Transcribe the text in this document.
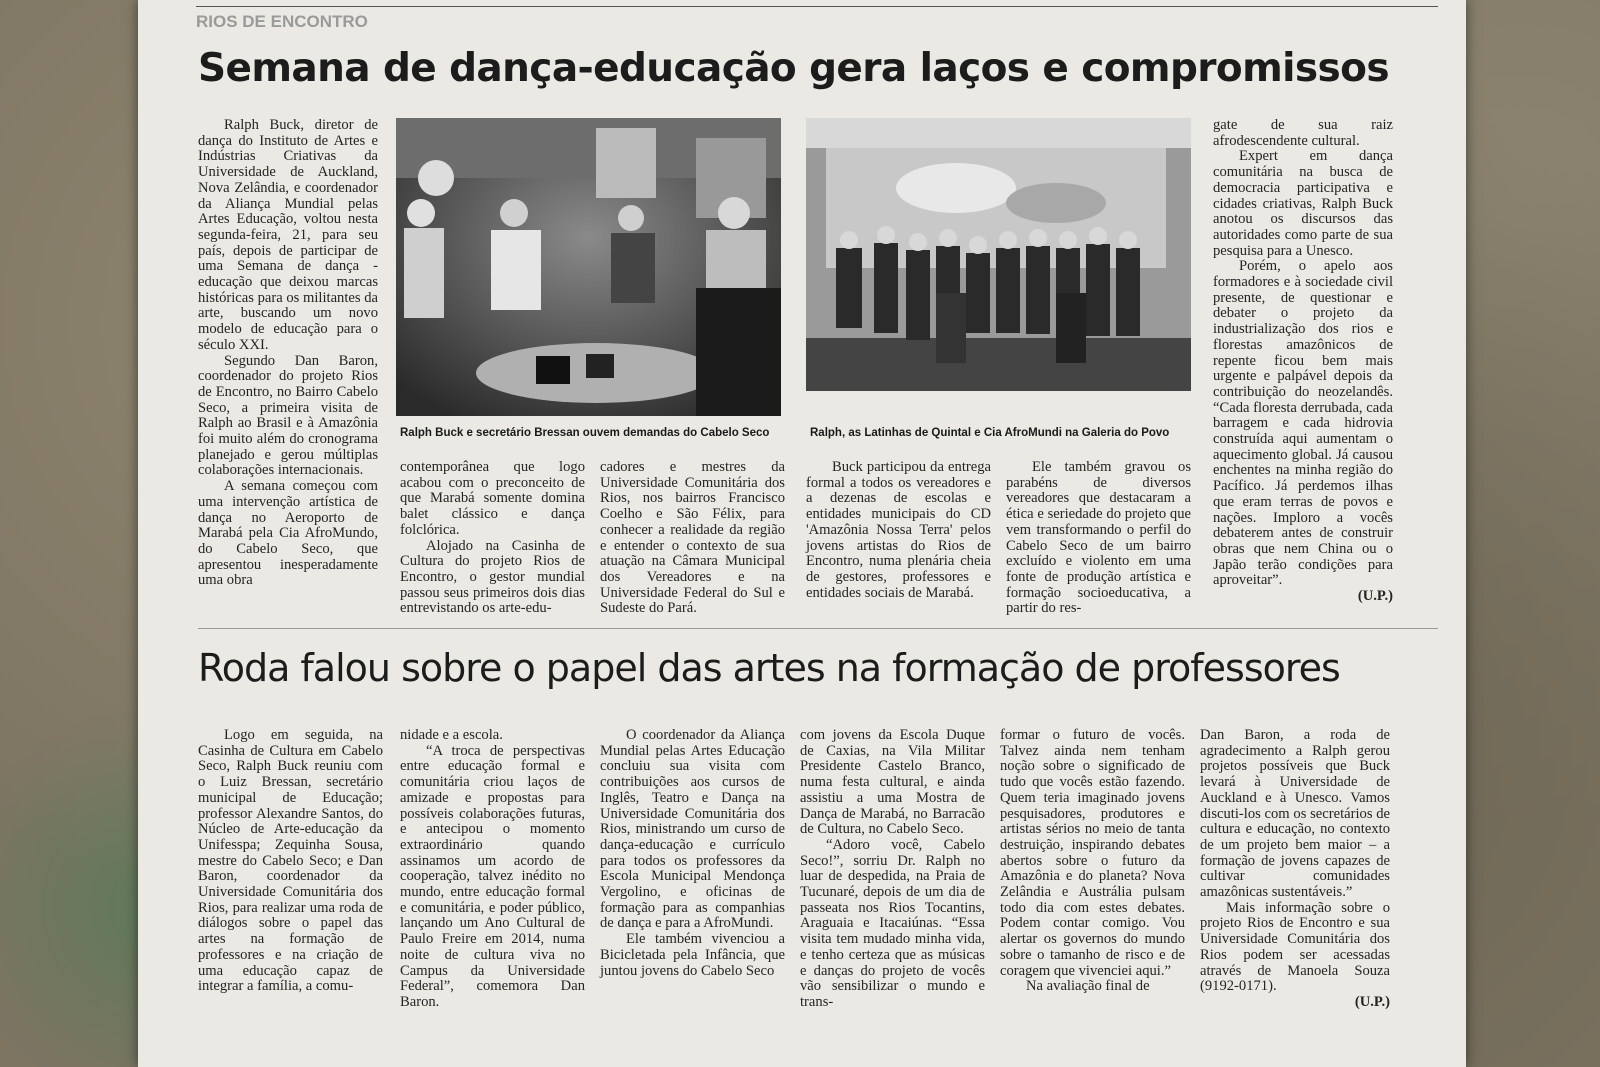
RIOS DE ENCONTRO
Semana de dança-educação gera laços e compromissos

Ralph Buck, diretor de dança do Instituto de Artes e Indústrias Criativas da Universidade de Auckland, Nova Zelândia, e coordenador da Aliança Mundial pelas Artes Educação, voltou nesta segunda-feira, 21, para seu país, depois de participar de uma Semana de dança - educação que deixou marcas históricas para os militantes da arte, buscando um novo modelo de educação para o século XXI.

Segundo Dan Baron, coordenador do projeto Rios de Encontro, no Bairro Cabelo Seco, a primeira visita de Ralph ao Brasil e à Amazônia foi muito além do cronograma planejado e gerou múltiplas colaborações internacionais.

A semana começou com uma intervenção artística de dança no Aeroporto de Marabá pela Cia AfroMundo, do Cabelo Seco, que apresentou inesperadamente uma obra

Ralph Buck e secretário Bressan ouvem demandas do Cabelo Seco	Ralph, as Latinhas de Quintal e Cia AfroMundi na Galeria do Povo

gate de sua raiz afrodescendente cultural.

Expert em dança comunitária na busca de democracia participativa e cidades criativas, Ralph Buck anotou os discursos das autoridades como parte de sua pesquisa para a Unesco.

Porém, o apelo aos formadores e à sociedade civil presente, de questionar e debater o projeto da industrialização dos rios e florestas amazônicos de repente ficou bem mais urgente e palpável depois da contribuição do neozelandês. “Cada floresta derrubada, cada barragem e cada hidrovia construída aqui aumentam o aquecimento global. Já causou enchentes na minha região do Pacífico. Já perdemos ilhas que eram terras de povos e nações. Imploro a vocês debaterem antes de construir obras que nem China ou o Japão terão condições para aproveitar”.

(U.P.)

contemporânea que logo acabou com o preconceito de que Marabá somente domina balet clássico e dança folclórica.

Alojado na Casinha de Cultura do projeto Rios de Encontro, o gestor mundial passou seus primeiros dois dias entrevistando os arte-edu-

cadores e mestres da Universidade Comunitária dos Rios, nos bairros Francisco Coelho e São Félix, para conhecer a realidade da região e entender o contexto de sua atuação na Câmara Municipal dos Vereadores e na Universidade Federal do Sul e Sudeste do Pará.

Buck participou da entrega formal a todos os vereadores e a dezenas de escolas e entidades municipais do CD 'Amazônia Nossa Terra' pelos jovens artistas do Rios de Encontro, numa plenária cheia de gestores, professores e entidades sociais de Marabá.

Ele também gravou os parabéns de diversos vereadores que destacaram a ética e seriedade do projeto que vem transformando o perfil do Cabelo Seco de um bairro excluído e violento em uma fonte de produção artística e formação socioeducativa, a partir do res-

Roda falou sobre o papel das artes na formação de professores

Logo em seguida, na Casinha de Cultura em Cabelo Seco, Ralph Buck reuniu com o Luiz Bressan, secretário municipal de Educação; professor Alexandre Santos, do Núcleo de Arte-educação da Unifesspa; Zequinha Sousa, mestre do Cabelo Seco; e Dan Baron, coordenador da Universidade Comunitária dos Rios, para realizar uma roda de diálogos sobre o papel das artes na formação de professores e na criação de uma educação capaz de integrar a família, a comu-

nidade e a escola.

“A troca de perspectivas entre educação formal e comunitária criou laços de amizade e propostas para possíveis colaborações futuras, e antecipou o momento extraordinário quando assinamos um acordo de cooperação, talvez inédito no mundo, entre educação formal e comunitária, e poder público, lançando um Ano Cultural de Paulo Freire em 2014, numa noite de cultura viva no Campus da Universidade Federal”, comemora Dan Baron.

O coordenador da Aliança Mundial pelas Artes Educação concluiu sua visita com contribuições aos cursos de Inglês, Teatro e Dança na Universidade Comunitária dos Rios, ministrando um curso de dança-educação e currículo para todos os professores da Escola Municipal Mendonça Vergolino, e oficinas de formação para as companhias de dança e para a AfroMundi.

Ele também vivenciou a Bicicletada pela Infância, que juntou jovens do Cabelo Seco

com jovens da Escola Duque de Caxias, na Vila Militar Presidente Castelo Branco, numa festa cultural, e ainda assistiu a uma Mostra de Dança de Marabá, no Barracão de Cultura, no Cabelo Seco.

“Adoro você, Cabelo Seco!”, sorriu Dr. Ralph no luar de despedida, na Praia de Tucunaré, depois de um dia de passeata nos Rios Tocantins, Araguaia e Itacaiúnas. “Essa visita tem mudado minha vida, e tenho certeza que as músicas e danças do projeto de vocês vão sensibilizar o mundo e trans-

formar o futuro de vocês. Talvez ainda nem tenham noção sobre o significado de tudo que vocês estão fazendo. Quem teria imaginado jovens pesquisadores, produtores e artistas sérios no meio de tanta destruição, inspirando debates abertos sobre o futuro da Amazônia e do planeta? Nova Zelândia e Austrália pulsam todo dia com estes debates. Podem contar comigo. Vou alertar os governos do mundo sobre o tamanho de risco e de coragem que vivenciei aqui.”

Na avaliação final de

Dan Baron, a roda de agradecimento a Ralph gerou projetos possíveis que Buck levará à Universidade de Auckland e à Unesco. Vamos discuti-los com os secretários de cultura e educação, no contexto de um projeto bem maior – a formação de jovens capazes de cultivar comunidades amazônicas sustentáveis.”

Mais informação sobre o projeto Rios de Encontro e sua Universidade Comunitária dos Rios podem ser acessadas através de Manoela Souza (9192-0171).

(U.P.)
